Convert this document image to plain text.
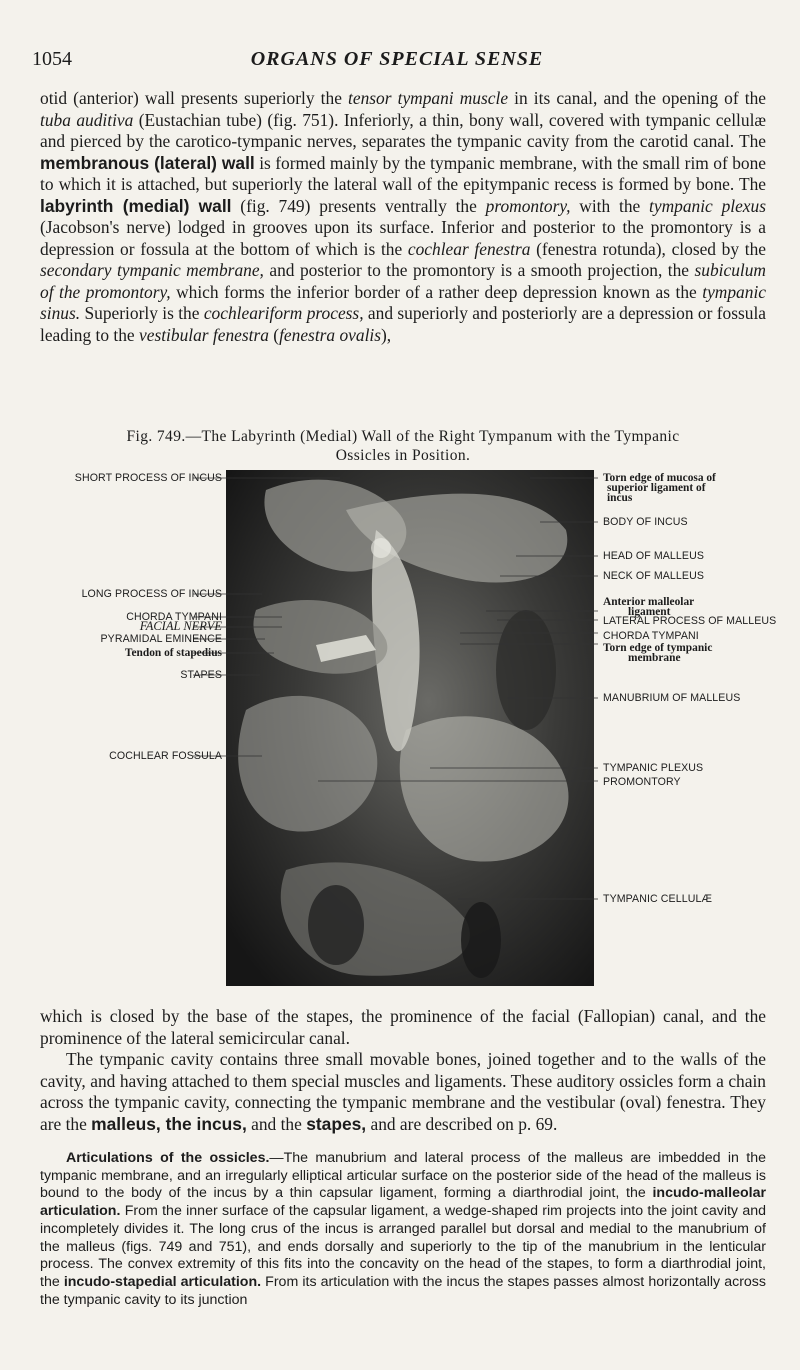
1054	ORGANS OF SPECIAL SENSE

otid (anterior) wall presents superiorly the tensor tympani muscle in its canal, and the opening of the tuba auditiva (Eustachian tube) (fig. 751). Inferiorly, a thin, bony wall, covered with tympanic cellulæ and pierced by the carotico-tympanic nerves, separates the tympanic cavity from the carotid canal. The membranous (lateral) wall is formed mainly by the tympanic membrane, with the small rim of bone to which it is attached, but superiorly the lateral wall of the epitympanic recess is formed by bone. The labyrinth (medial) wall (fig. 749) presents ventrally the promontory, with the tympanic plexus (Jacobson's nerve) lodged in grooves upon its surface. Inferior and posterior to the promontory is a depression or fossula at the bottom of which is the cochlear fenestra (fenestra rotunda), closed by the secondary tympanic membrane, and posterior to the promontory is a smooth projection, the subiculum of the promontory, which forms the inferior border of a rather deep depression known as the tympanic sinus. Superiorly is the cochleariform process, and superiorly and posteriorly are a depression or fossula leading to the vestibular fenestra (fenestra ovalis),

Fig. 749.—The Labyrinth (Medial) Wall of the Right Tympanum with the Tympanic
Ossicles in Position.
SHORT PROCESS OF INCUS
LONG PROCESS OF INCUS
CHORDA TYMPANI
FACIAL NERVE
PYRAMIDAL EMINENCE
Tendon of stapedius
STAPES
COCHLEAR FOSSULA
Torn edge of mucosa of
superior ligament of
incus
BODY OF INCUS
HEAD OF MALLEUS
NECK OF MALLEUS
Anterior malleolar
ligament
LATERAL PROCESS OF MALLEUS
CHORDA TYMPANI
Torn edge of tympanic
membrane
MANUBRIUM OF MALLEUS
TYMPANIC PLEXUS
PROMONTORY
TYMPANIC CELLULÆ

which is closed by the base of the stapes, the prominence of the facial (Fallopian) canal, and the prominence of the lateral semicircular canal.
The tympanic cavity contains three small movable bones, joined together and to the walls of the cavity, and having attached to them special muscles and ligaments. These auditory ossicles form a chain across the tympanic cavity, connecting the tympanic membrane and the vestibular (oval) fenestra. They are the malleus, the incus, and the stapes, and are described on p. 69.

Articulations of the ossicles.—The manubrium and lateral process of the malleus are imbedded in the tympanic membrane, and an irregularly elliptical articular surface on the posterior side of the head of the malleus is bound to the body of the incus by a thin capsular ligament, forming a diarthrodial joint, the incudo-malleolar articulation. From the inner surface of the capsular ligament, a wedge-shaped rim projects into the joint cavity and incompletely divides it. The long crus of the incus is arranged parallel but dorsal and medial to the manubrium of the malleus (figs. 749 and 751), and ends dorsally and superiorly to the tip of the manubrium in the lenticular process. The convex extremity of this fits into the concavity on the head of the stapes, to form a diarthrodial joint, the incudo-stapedial articulation. From its articulation with the incus the stapes passes almost horizontally across the tympanic cavity to its junction
